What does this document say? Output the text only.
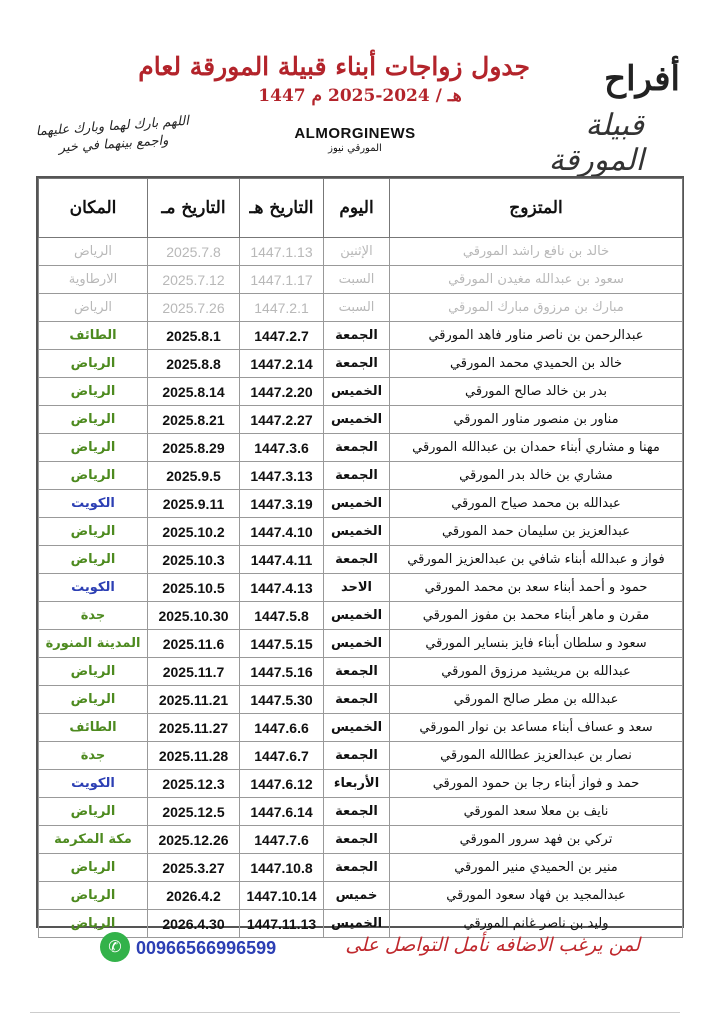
أفراح
قبيلة المورقة
جدول زواجات أبناء قبيلة المورقة لعام
1447 هـ / 2024-2025 م
ALMORGINEWS
المورقي نيوز
اللهم بارك لهما وبارك عليهما
واجمع بينهما في خير
المتزوج	اليوم	التاريخ هـ	التاريخ مـ	المكان
خالد بن نافع راشد المورقي	الإثنين	1447.1.13	2025.7.8	الرياض
سعود بن عبدالله مغيدن المورقي	السبت	1447.1.17	2025.7.12	الارطاوية
مبارك بن مرزوق مبارك المورقي	السبت	1447.2.1	2025.7.26	الرياض
عبدالرحمن بن ناصر مناور فاهد المورقي	الجمعة	1447.2.7	2025.8.1	الطائف
خالد بن الحميدي محمد المورقي	الجمعة	1447.2.14	2025.8.8	الرياض
بدر بن خالد صالح المورقي	الخميس	1447.2.20	2025.8.14	الرياض
مناور بن منصور مناور المورقي	الخميس	1447.2.27	2025.8.21	الرياض
مهنا و مشاري أبناء حمدان بن عبدالله المورقي	الجمعة	1447.3.6	2025.8.29	الرياض
مشاري بن خالد بدر المورقي	الجمعة	1447.3.13	2025.9.5	الرياض
عبدالله بن محمد صياح المورقي	الخميس	1447.3.19	2025.9.11	الكويت
عبدالعزيز بن سليمان حمد المورقي	الخميس	1447.4.10	2025.10.2	الرياض
فواز و عبدالله أبناء شافي بن عبدالعزيز المورقي	الجمعة	1447.4.11	2025.10.3	الرياض
حمود و أحمد أبناء سعد بن محمد المورقي	الاحد	1447.4.13	2025.10.5	الكويت
مقرن و ماهر أبناء محمد بن مفوز المورقي	الخميس	1447.5.8	2025.10.30	جدة
سعود و سلطان أبناء فايز بنساير المورقي	الخميس	1447.5.15	2025.11.6	المدينة المنورة
عبدالله بن مريشيد مرزوق المورقي	الجمعة	1447.5.16	2025.11.7	الرياض
عبدالله بن مطر صالح المورقي	الجمعة	1447.5.30	2025.11.21	الرياض
سعد و عساف أبناء مساعد بن نوار المورقي	الخميس	1447.6.6	2025.11.27	الطائف
نصار بن عبدالعزيز عطاالله المورقي	الجمعة	1447.6.7	2025.11.28	جدة
حمد و فواز أبناء رجا بن حمود المورقي	الأربعاء	1447.6.12	2025.12.3	الكويت
نايف بن معلا سعد المورقي	الجمعة	1447.6.14	2025.12.5	الرياض
تركي بن فهد سرور المورقي	الجمعة	1447.7.6	2025.12.26	مكة المكرمة
منير بن الحميدي منير المورقي	الجمعة	1447.10.8	2025.3.27	الرياض
عبدالمجيد بن فهاد سعود المورقي	خميس	1447.10.14	2026.4.2	الرياض
وليد بن ناصر غانم المورقي	الخميس	1447.11.13	2026.4.30	الرياض
✆ 00966566996599	لمن يرغب الاضافه نأمل التواصل على
